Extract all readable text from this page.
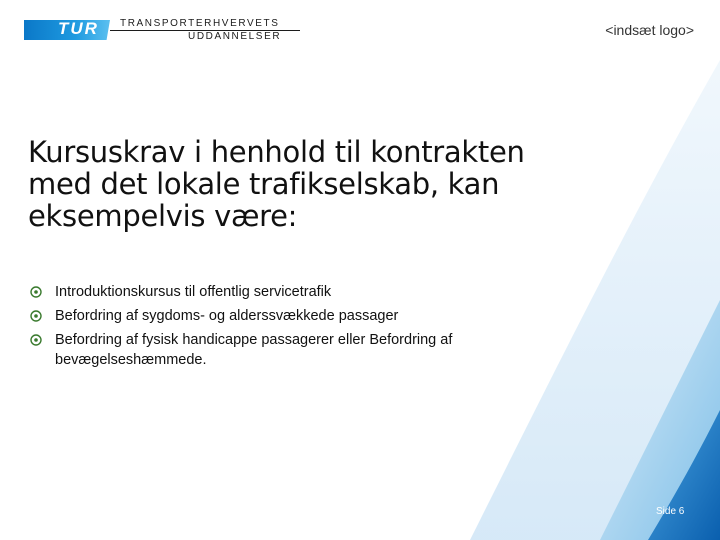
TUR TRANSPORTERHVERVETS
UDDANNELSER	<indsæt logo>
Kursuskrav i henhold til kontrakten med det lokale trafikselskab, kan eksempelvis være:
Introduktionskursus til offentlig servicetrafik
Befordring af sygdoms- og alderssvækkede passager
Befordring af fysisk handicappe passagerer eller Befordring af bevægelseshæmmede.
Side 6
